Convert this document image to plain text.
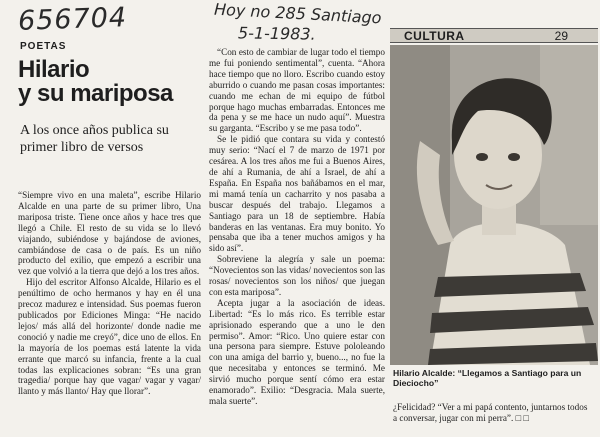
656704	Hoy no 285 Santiago
5-1-1983.	CULTURA	29
POETAS
Hilario
y su mariposa
A los once años publica su primer libro de versos

“Siempre vivo en una maleta”, escribe Hilario Alcalde en una parte de su primer libro, Una mariposa triste. Tiene once años y hace tres que llegó a Chile. El resto de su vida se lo llevó viajando, subiéndose y bajándose de aviones, cambiándose de casa o de país. Es un niño producto del exilio, que empezó a escribir una vez que volvió a la tierra que dejó a los tres años.

Hijo del escritor Alfonso Alcalde, Hilario es el penúltimo de ocho hermanos y hay en él una precoz madurez e intensidad. Sus poemas fueron publicados por Ediciones Minga: “He nacido lejos/ más allá del horizonte/ donde nadie me conoció y nadie me creyó”, dice uno de ellos. En la mayoría de los poemas está latente la vida errante que marcó su infancia, frente a la cual todas las explicaciones sobran: “Es una gran tragedia/ porque hay que vagar/ vagar y vagar/ llanto y más llanto/ Hay que llorar”.

“Con esto de cambiar de lugar todo el tiempo me fui poniendo sentimental”, cuenta. “Ahora hace tiempo que no lloro. Escribo cuando estoy aburrido o cuando me pasan cosas importantes: cuando me echan de mi equipo de fútbol porque hago muchas embarradas. Entonces me da pena y se me hace un nudo aquí”. Muestra su garganta. “Escribo y se me pasa todo”.

Se le pidió que contara su vida y contestó muy serio: “Nací el 7 de marzo de 1971 por cesárea. A los tres años me fui a Buenos Aires, de ahí a Rumania, de ahí a Israel, de ahí a España. En España nos bañábamos en el mar, mi mamá tenía un cacharrito y nos pasaba a buscar después del trabajo. Llegamos a Santiago para un 18 de septiembre. Había banderas en las ventanas. Era muy bonito. Yo pensaba que iba a tener muchos amigos y ha sido así”.

Sobreviene la alegría y sale un poema: “Novecientos son las vidas/ novecientos son las rosas/ novecientos son los niños/ que juegan con esta mariposa”.

Acepta jugar a la asociación de ideas. Libertad: “Es lo más rico. Es terrible estar aprisionado esperando que a uno le den permiso”. Amor: “Rico. Uno quiere estar con una persona para siempre. Estuve pololeando con una amiga del barrio y, bueno..., no fue la que necesitaba y entonces se terminó. Me sirvió mucho porque sentí cómo era estar enamorado”. Exilio: “Desgracia. Mala suerte, mala suerte”.

Hilario Alcalde: “Llegamos a Santiago para un Dieciocho”
¿Felicidad? “Ver a mi papá contento, juntarnos todos a conversar, jugar con mi perra”. □ □
